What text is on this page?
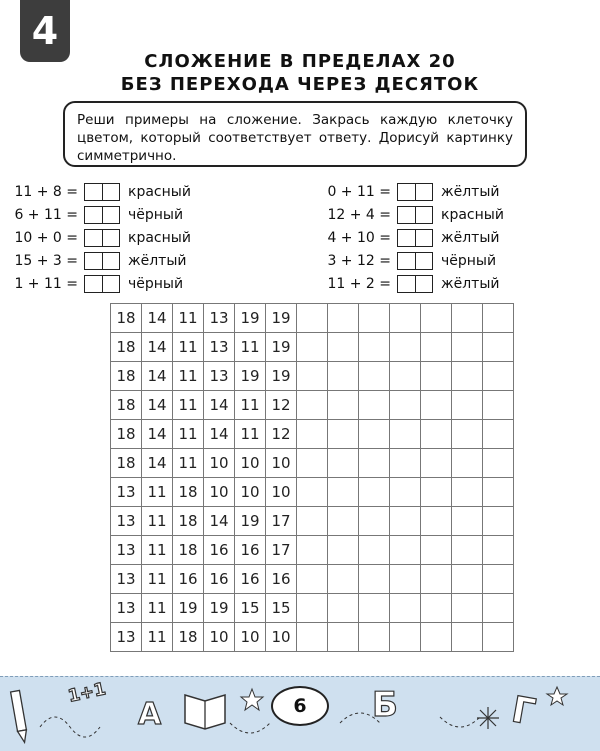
4
СЛОЖЕНИЕ В ПРЕДЕЛАХ 20
БЕЗ ПЕРЕХОДА ЧЕРЕЗ ДЕСЯТОК
Реши примеры на сложение. Закрась каждую клеточку цветом, который соответствует ответу. Дорисуй картинку симметрично.
11 + 8 =	красный
6 + 11 =	чёрный
10 + 0 =	красный
15 + 3 =	жёлтый
1 + 11 =	чёрный
0 + 11 =	жёлтый
12 + 4 =	красный
4 + 10 =	жёлтый
3 + 12 =	чёрный
11 + 2 =	жёлтый
18	14	11	13	19	19							
18	14	11	13	11	19							
18	14	11	13	19	19							
18	14	11	14	11	12							
18	14	11	14	11	12							
18	14	11	10	10	10							
13	11	18	10	10	10							
13	11	18	14	19	17							
13	11	18	16	16	17							
13	11	16	16	16	16							
13	11	19	19	15	15							
13	11	18	10	10	10							
1+1
А	Б	Г
6
